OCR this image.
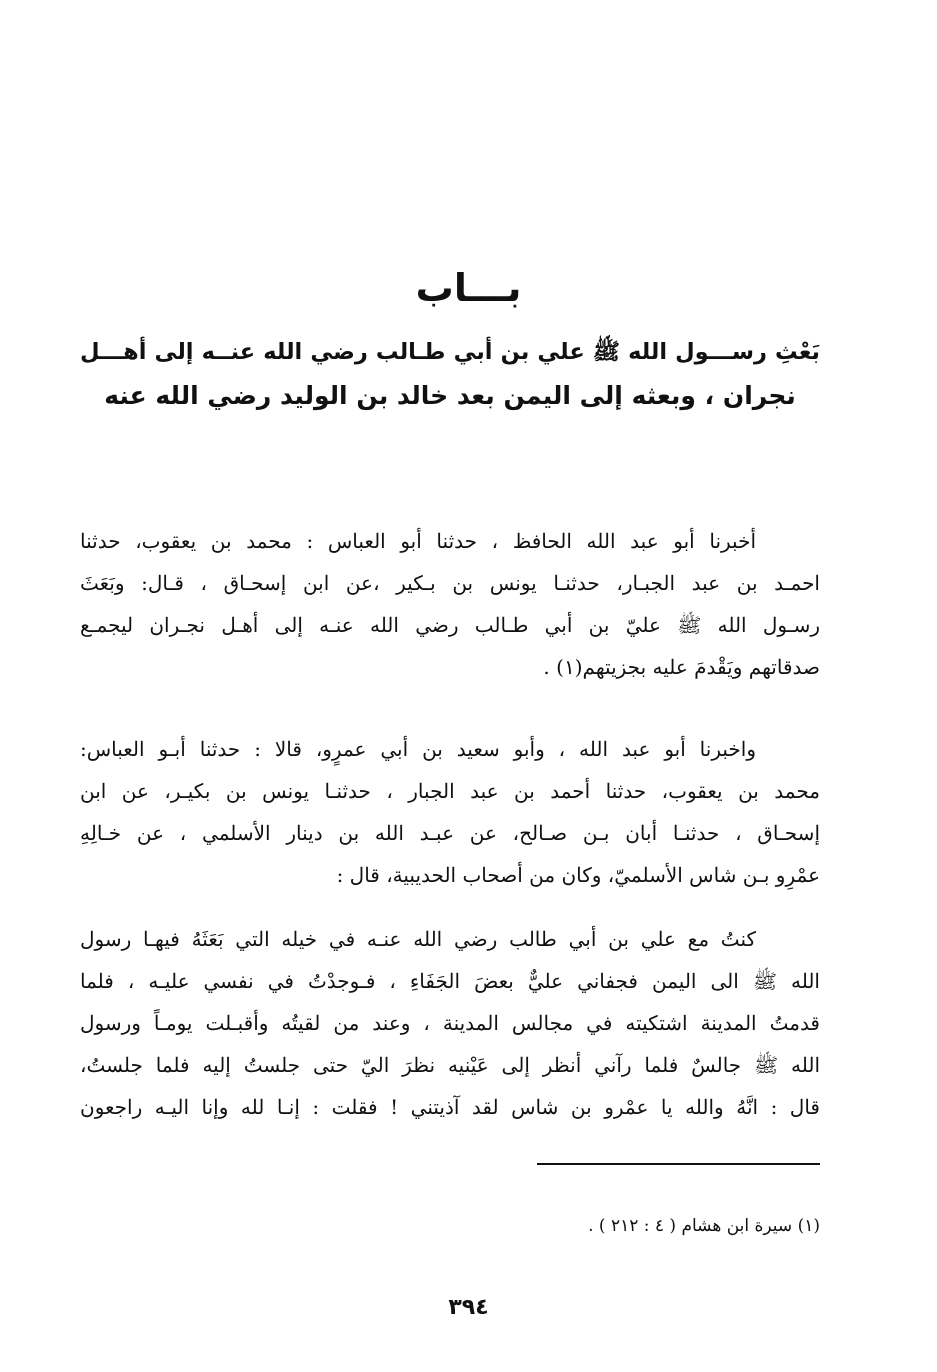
بـــاب
بَعْثِ رســـول الله ﷺ علي بن أبي طـالب رضي الله عنــه إلى أهـــل
نجران ، وبعثه إلى اليمن بعد خالد بن الوليد رضي الله عنه
أخبرنا أبو عبد الله الحافظ ، حدثنا أبو العباس : محمد بن يعقوب، حدثنا
احمـد بن عبد الجبـار، حدثنـا يونس بن بـكير ،عن ابن إسحـاق ، قـال: وبَعَثَ
رسـول الله ﷺ عليّ بن أبي طـالب رضي الله عنـه إلى أهـل نجـران ليجمـع
صدقاتهم ويَقْدمَ عليه بجزيتهم(١) .
واخبرنا أبو عبد الله ، وأبو سعيد بن أبي عمرٍو، قالا : حدثنا أبـو العباس:
محمد بن يعقوب، حدثنا أحمد بن عبد الجبار ، حدثنـا يونس بن بكيـر، عن ابن
إسحـاق ، حدثنـا أبان بـن صـالح، عن عبـد الله بن دينار الأسلمي ، عن خـالِهِ
عمْرِو بـن شاس الأسلميّ، وكان من أصحاب الحديبية، قال :
كنتُ مع علي بن أبي طالب رضي الله عنـه في خيله التي بَعَثَهُ فيهـا رسول
الله ﷺ الى اليمن فجفاني عليٌّ بعضَ الجَفَاءِ ، فـوجدْتُ في نفسي عليـه ، فلما
قدمتُ المدينة اشتكيته في مجالس المدينة ، وعند من لقيتُه وأقبـلت يومـاً ورسول
الله ﷺ جالسٌ فلما رآني أنظر إلى عَيْنيه نظرَ اليّ حتى جلستُ إليه فلما جلستُ،
قال : انَّهُ والله يا عمْرو بن شاس لقد آذيتني ! فقلت : إنـا لله وإنا اليـه راجعون
(١) سيرة ابن هشام ( ٤ : ٢١٢ ) .
٣٩٤
